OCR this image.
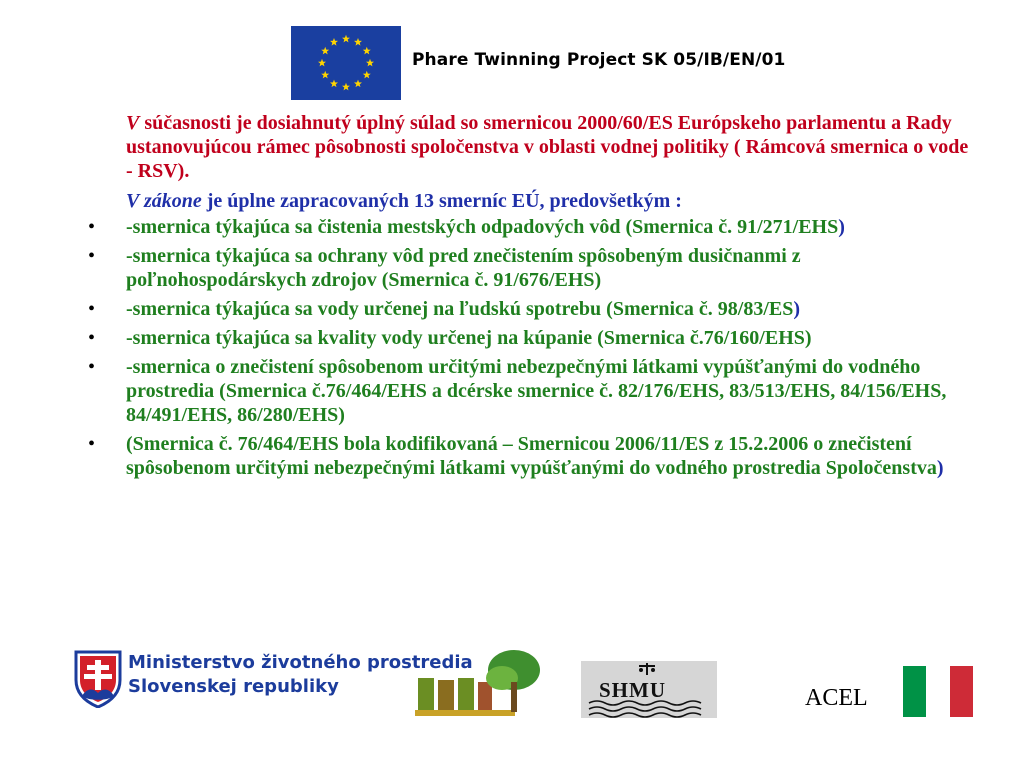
Phare Twinning Project SK 05/IB/EN/01

V súčasnosti je dosiahnutý úplný súlad so smernicou 2000/60/ES Európskeho parlamentu a Rady ustanovujúcou rámec pôsobnosti spoločenstva v oblasti vodnej politiky ( Rámcová smernica o vode - RSV).

V zákone je úplne zapracovaných 13 smerníc EÚ, predovšetkým :

• -smernica týkajúca sa čistenia mestských odpadových vôd (Smernica č. 91/271/EHS)
• -smernica týkajúca sa ochrany vôd pred znečistením spôsobeným dusičnanmi z poľnohospodárskych zdrojov (Smernica č. 91/676/EHS)
• -smernica týkajúca sa vody určenej na ľudskú spotrebu (Smernica č. 98/83/ES)
• -smernica týkajúca sa kvality vody určenej na kúpanie (Smernica č.76/160/EHS)
• -smernica o znečistení spôsobenom určitými nebezpečnými látkami vypúšťanými do vodného prostredia (Smernica č.76/464/EHS a dcérske smernice č. 82/176/EHS, 83/513/EHS, 84/156/EHS, 84/491/EHS, 86/280/EHS)
• (Smernica č. 76/464/EHS bola kodifikovaná – Smernicou 2006/11/ES z 15.2.2006 o znečistení spôsobenom určitými nebezpečnými látkami vypúšťanými do vodného prostredia Spoločenstva)
Ministerstvo životného prostredia
Slovenskej republiky	SHMU	ACEL
